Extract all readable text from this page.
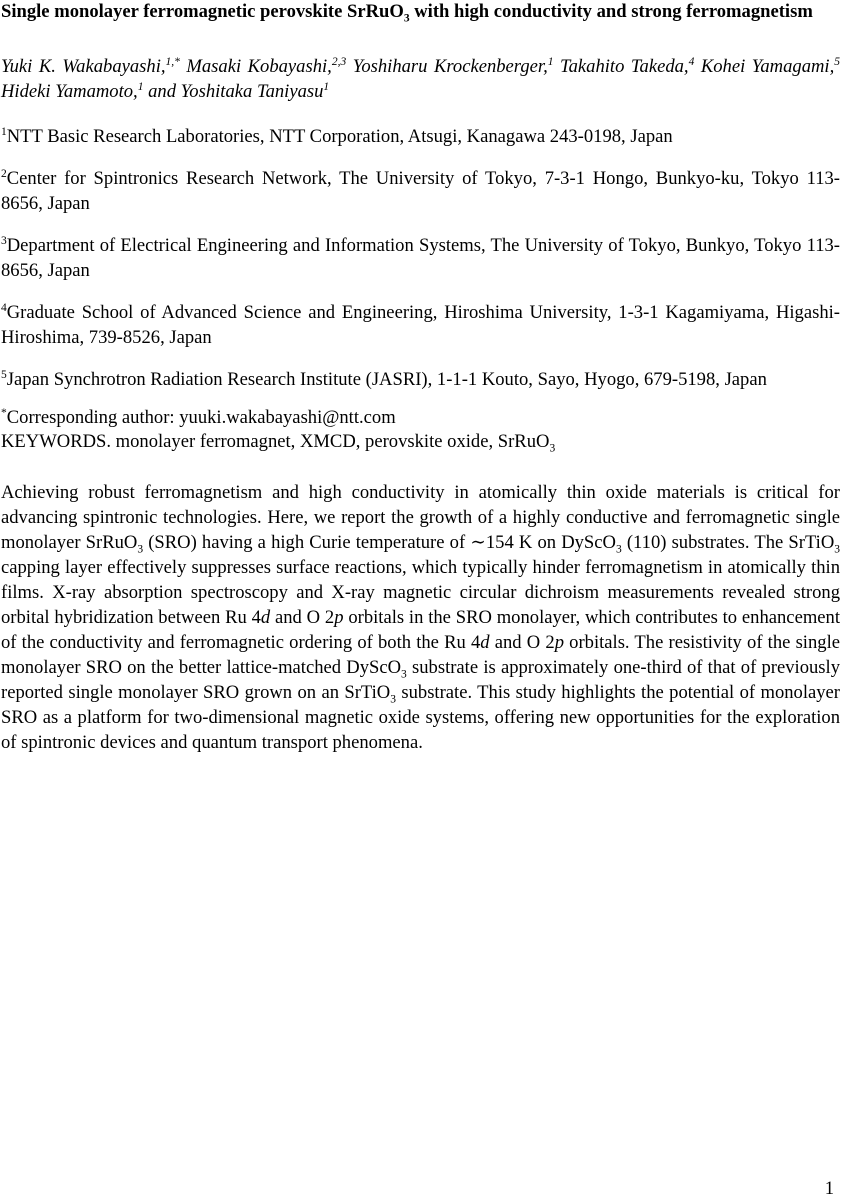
Single monolayer ferromagnetic perovskite SrRuO$_3$ with high conductivity and strong ferromagnetism

Yuki K. Wakabayashi,$^{1,*}$ Masaki Kobayashi,$^{2,3}$ Yoshiharu Krockenberger,$^1$ Takahito Takeda,$^4$ Kohei Yamagami,$^5$ Hideki Yamamoto,$^1$ and Yoshitaka Taniyasu$^1$

$^1$NTT Basic Research Laboratories, NTT Corporation, Atsugi, Kanagawa 243-0198, Japan

$^2$Center for Spintronics Research Network, The University of Tokyo, 7-3-1 Hongo, Bunkyo-ku, Tokyo 113-8656, Japan

$^3$Department of Electrical Engineering and Information Systems, The University of Tokyo, Bunkyo, Tokyo 113-8656, Japan

$^4$Graduate School of Advanced Science and Engineering, Hiroshima University, 1-3-1 Kagamiyama, Higashi-Hiroshima, 739-8526, Japan

$^5$Japan Synchrotron Radiation Research Institute (JASRI), 1-1-1 Kouto, Sayo, Hyogo, 679-5198, Japan

*Corresponding author: yuuki.wakabayashi@ntt.com

KEYWORDS. monolayer ferromagnet, XMCD, perovskite oxide, SrRuO$_3$

Achieving robust ferromagnetism and high conductivity in atomically thin oxide materials is critical for advancing spintronic technologies. Here, we report the growth of a highly conductive and ferromagnetic single monolayer SrRuO$_3$ (SRO) having a high Curie temperature of ∼154 K on DyScO$_3$ (110) substrates. The SrTiO$_3$ capping layer effectively suppresses surface reactions, which typically hinder ferromagnetism in atomically thin films. X-ray absorption spectroscopy and X-ray magnetic circular dichroism measurements revealed strong orbital hybridization between Ru 4d and O 2p orbitals in the SRO monolayer, which contributes to enhancement of the conductivity and ferromagnetic ordering of both the Ru 4d and O 2p orbitals. The resistivity of the single monolayer SRO on the better lattice-matched DyScO$_3$ substrate is approximately one-third of that of previously reported single monolayer SRO grown on an SrTiO$_3$ substrate. This study highlights the potential of monolayer SRO as a platform for two-dimensional magnetic oxide systems, offering new opportunities for the exploration of spintronic devices and quantum transport phenomena.

1
